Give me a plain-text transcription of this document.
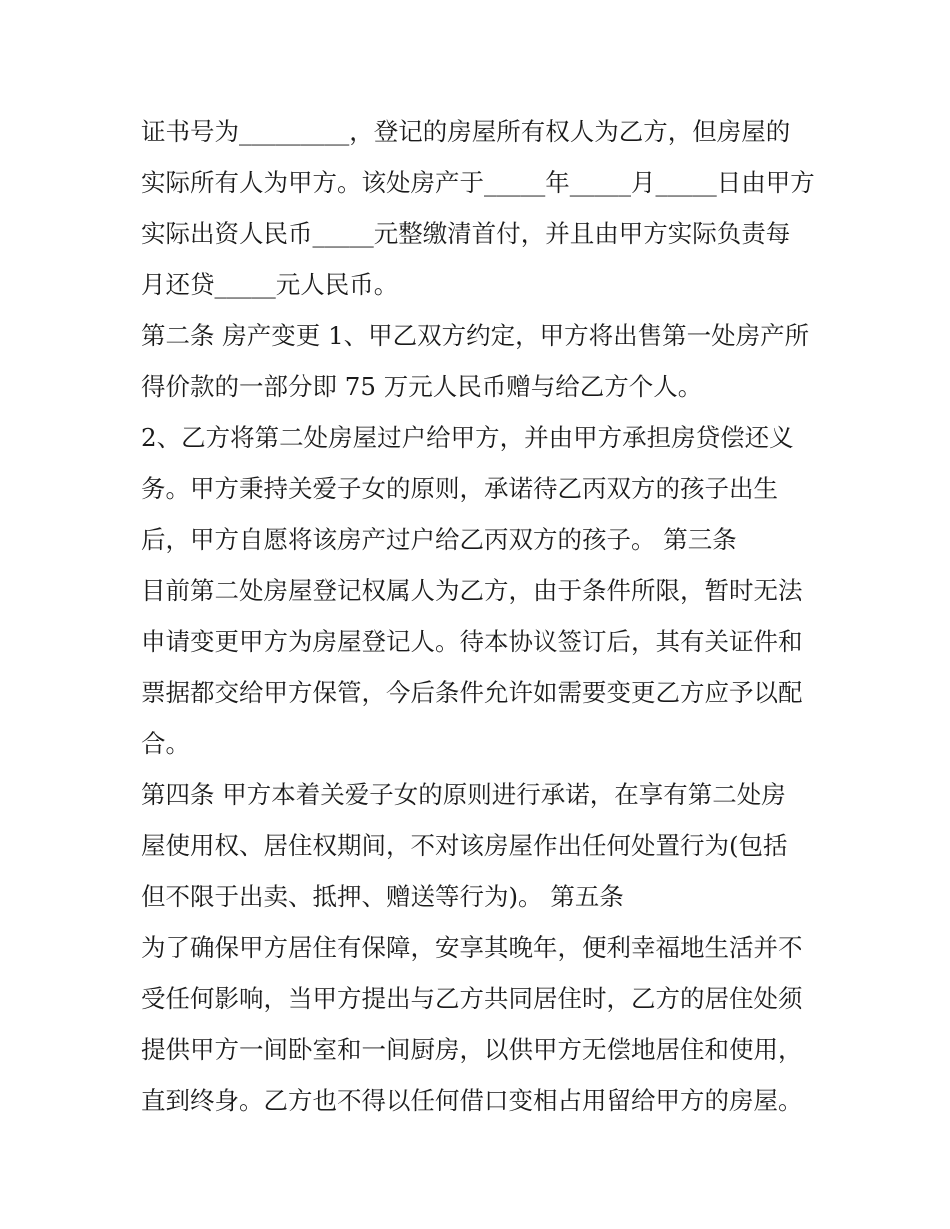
证书号为_________，登记的房屋所有权人为乙方，但房屋的
实际所有人为甲方。该处房产于_____年_____月_____日由甲方
实际出资人民币_____元整缴清首付，并且由甲方实际负责每
月还贷_____元人民币。
第二条 房产变更 1、甲乙双方约定，甲方将出售第一处房产所
得价款的一部分即 75 万元人民币赠与给乙方个人。
2、乙方将第二处房屋过户给甲方，并由甲方承担房贷偿还义
务。甲方秉持关爱子女的原则，承诺待乙丙双方的孩子出生
后，甲方自愿将该房产过户给乙丙双方的孩子。 第三条
目前第二处房屋登记权属人为乙方，由于条件所限，暂时无法
申请变更甲方为房屋登记人。待本协议签订后，其有关证件和
票据都交给甲方保管，今后条件允许如需要变更乙方应予以配
合。
第四条 甲方本着关爱子女的原则进行承诺，在享有第二处房
屋使用权、居住权期间，不对该房屋作出任何处置行为(包括
但不限于出卖、抵押、赠送等行为)。 第五条
为了确保甲方居住有保障，安享其晚年，便利幸福地生活并不
受任何影响，当甲方提出与乙方共同居住时，乙方的居住处须
提供甲方一间卧室和一间厨房，以供甲方无偿地居住和使用，
直到终身。乙方也不得以任何借口变相占用留给甲方的房屋。
